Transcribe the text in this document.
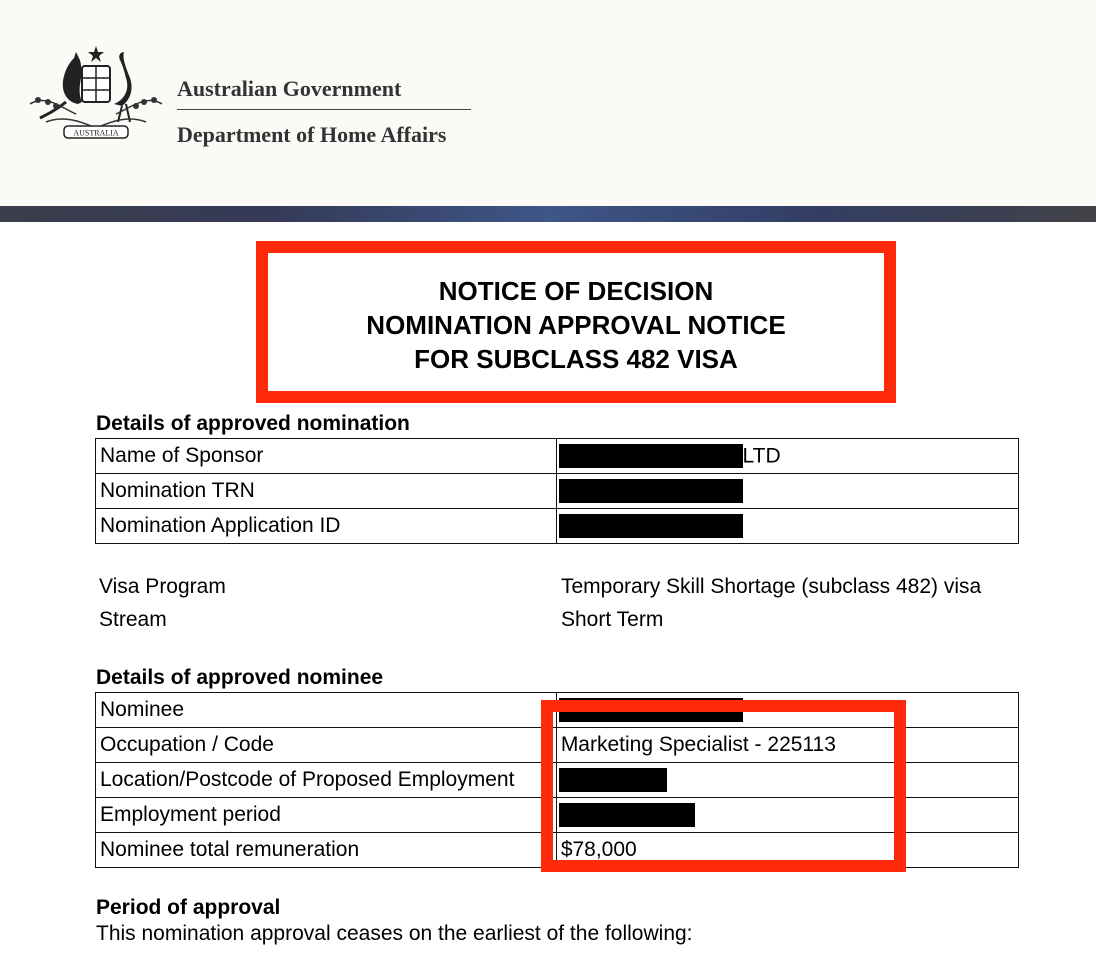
AUSTRALIA
Australian Government
Department of Home Affairs
NOTICE OF DECISION
NOMINATION APPROVAL NOTICE
FOR SUBCLASS 482 VISA
Details of approved nomination
Name of Sponsor	LTD
Nomination TRN	
Nomination Application ID	
Visa Program	Temporary Skill Shortage (subclass 482) visa
Stream	Short Term
Details of approved nominee
Nominee	
Occupation / Code	Marketing Specialist - 225113
Location/Postcode of Proposed Employment	
Employment period	
Nominee total remuneration	$78,000
Period of approval
This nomination approval ceases on the earliest of the following:
